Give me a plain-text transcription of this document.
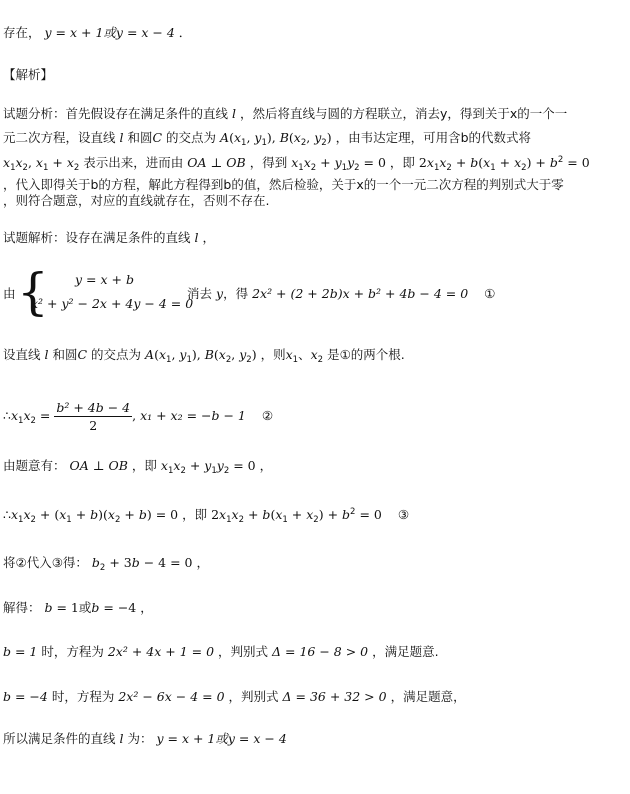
存在， y = x + 1或y = x − 4 ．
【解析】
试题分析：首先假设存在满足条件的直线 l ，然后将直线与圆的方程联立，消去y，得到关于x的一个一
元二次方程，设直线 l 和圆C 的交点为 $A(x_1$, $y_1$), $B(x_2$, $y_2$) ，由韦达定理，可用含b的代数式将
$x_1x_2$, $x_1 + x_2$ 表示出来，进而由 OA ⊥ OB ，得到 $x_1x_2 + y_1y_2 = 0$ ，即 $2x_1x_2 + b(x_1 + x_2) + b^2 = 0$
，代入即得关于b的方程，解此方程得到b的值，然后检验，关于x的一个一元二次方程的判别式大于零
，则符合题意，对应的直线就存在，否则不存在.
试题解析：设存在满足条件的直线 l ，
由 { y = x + b
x² + y² − 2x + 4y − 4 = 0
消去 y，得 2x² + (2 + 2b)x + b² + 4b − 4 = 0 ①
设直线 l 和圆C 的交点为 $A(x_1$, $y_1$), $B(x_2$, $y_2$) ，则$x_1$、$x_2$ 是①的两个根.
$\therefore x_1x_2 = \frac{\text{b² + 4b − 4}}{2}$ , x₁ + x₂ = −b − 1 ②
由题意有： OA ⊥ OB ，即 $x_1x_2 + y_1y_2 = 0$ ，
$\therefore x_1x_2 + (x_1 + b)(x_2 + b) = 0$ ，即 $2x_1x_2 + b(x_1 + x_2) + b^2 = 0$ ③
将②代入③得： $b_2 + 3b - 4 = 0$ ，
解得： b = 1或b = −4 ，
b = 1 时，方程为 2x² + 4x + 1 = 0 ，判别式 Δ = 16 − 8 > 0 ，满足题意.
b = −4 时，方程为 2x² − 6x − 4 = 0 ，判别式 Δ = 36 + 32 > 0 ，满足题意，
所以满足条件的直线 l 为： y = x + 1或y = x − 4
